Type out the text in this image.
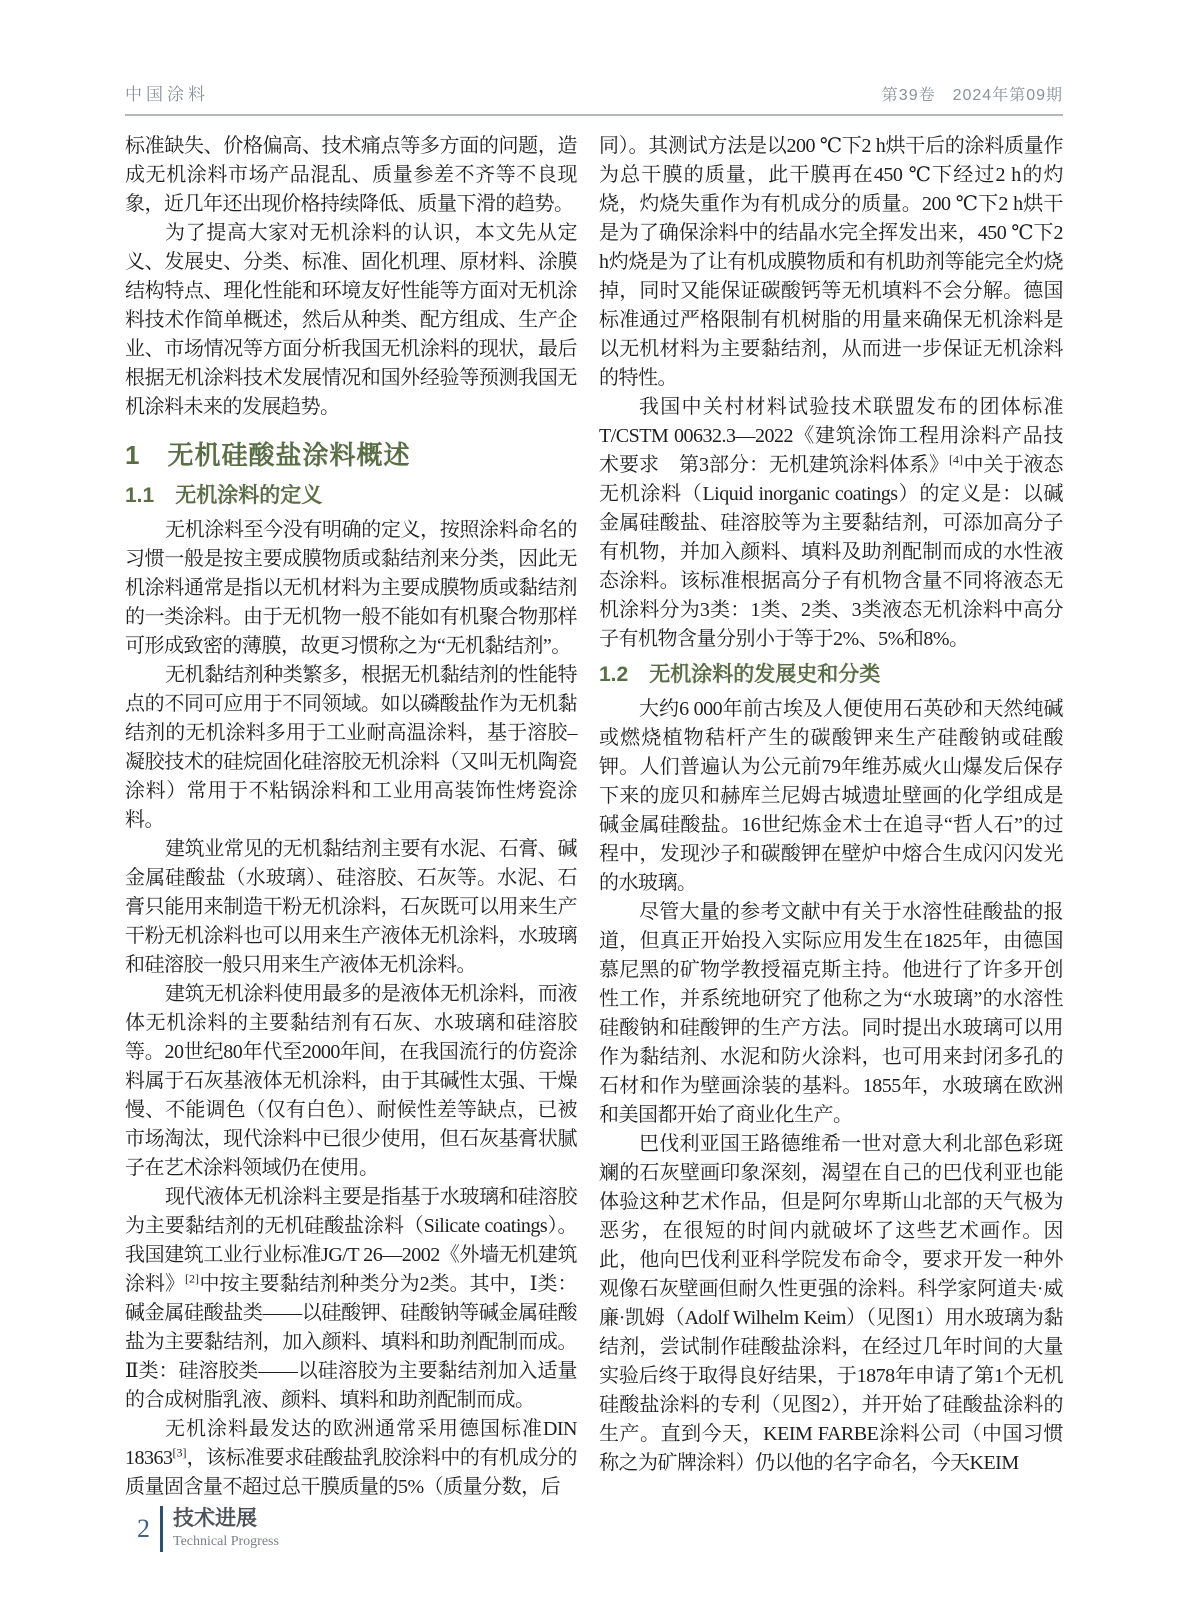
中国涂料	第39卷　2024年第09期

标准缺失、价格偏高、技术痛点等多方面的问题，造成无机涂料市场产品混乱、质量参差不齐等不良现象，近几年还出现价格持续降低、质量下滑的趋势。

为了提高大家对无机涂料的认识，本文先从定义、发展史、分类、标准、固化机理、原材料、涂膜结构特点、理化性能和环境友好性能等方面对无机涂料技术作简单概述，然后从种类、配方组成、生产企业、市场情况等方面分析我国无机涂料的现状，最后根据无机涂料技术发展情况和国外经验等预测我国无机涂料未来的发展趋势。

1　无机硅酸盐涂料概述
1.1　无机涂料的定义

无机涂料至今没有明确的定义，按照涂料命名的习惯一般是按主要成膜物质或黏结剂来分类，因此无机涂料通常是指以无机材料为主要成膜物质或黏结剂的一类涂料。由于无机物一般不能如有机聚合物那样可形成致密的薄膜，故更习惯称之为“无机黏结剂”。

无机黏结剂种类繁多，根据无机黏结剂的性能特点的不同可应用于不同领域。如以磷酸盐作为无机黏结剂的无机涂料多用于工业耐高温涂料，基于溶胶–凝胶技术的硅烷固化硅溶胶无机涂料（又叫无机陶瓷涂料）常用于不粘锅涂料和工业用高装饰性烤瓷涂料。

建筑业常见的无机黏结剂主要有水泥、石膏、碱金属硅酸盐（水玻璃）、硅溶胶、石灰等。水泥、石膏只能用来制造干粉无机涂料，石灰既可以用来生产干粉无机涂料也可以用来生产液体无机涂料，水玻璃和硅溶胶一般只用来生产液体无机涂料。

建筑无机涂料使用最多的是液体无机涂料，而液体无机涂料的主要黏结剂有石灰、水玻璃和硅溶胶等。20世纪80年代至2000年间，在我国流行的仿瓷涂料属于石灰基液体无机涂料，由于其碱性太强、干燥慢、不能调色（仅有白色）、耐候性差等缺点，已被市场淘汰，现代涂料中已很少使用，但石灰基膏状腻子在艺术涂料领域仍在使用。

现代液体无机涂料主要是指基于水玻璃和硅溶胶为主要黏结剂的无机硅酸盐涂料（Silicate coatings）。我国建筑工业行业标准JG/T 26—2002《外墙无机建筑涂料》[2]中按主要黏结剂种类分为2类。其中，Ⅰ类：碱金属硅酸盐类——以硅酸钾、硅酸钠等碱金属硅酸盐为主要黏结剂，加入颜料、填料和助剂配制而成。Ⅱ类：硅溶胶类——以硅溶胶为主要黏结剂加入适量的合成树脂乳液、颜料、填料和助剂配制而成。

无机涂料最发达的欧洲通常采用德国标准DIN 18363[3]，该标准要求硅酸盐乳胶涂料中的有机成分的质量固含量不超过总干膜质量的5%（质量分数，后

同）。其测试方法是以200 ℃下2 h烘干后的涂料质量作为总干膜的质量，此干膜再在450 ℃下经过2 h的灼烧，灼烧失重作为有机成分的质量。200 ℃下2 h烘干是为了确保涂料中的结晶水完全挥发出来，450 ℃下2 h灼烧是为了让有机成膜物质和有机助剂等能完全灼烧掉，同时又能保证碳酸钙等无机填料不会分解。德国标准通过严格限制有机树脂的用量来确保无机涂料是以无机材料为主要黏结剂，从而进一步保证无机涂料的特性。

我国中关村材料试验技术联盟发布的团体标准T/CSTM 00632.3—2022《建筑涂饰工程用涂料产品技术要求　第3部分：无机建筑涂料体系》[4]中关于液态无机涂料（Liquid inorganic coatings）的定义是：以碱金属硅酸盐、硅溶胶等为主要黏结剂，可添加高分子有机物，并加入颜料、填料及助剂配制而成的水性液态涂料。该标准根据高分子有机物含量不同将液态无机涂料分为3类：1类、2类、3类液态无机涂料中高分子有机物含量分别小于等于2%、5%和8%。

1.2　无机涂料的发展史和分类

大约6 000年前古埃及人便使用石英砂和天然纯碱或燃烧植物秸杆产生的碳酸钾来生产硅酸钠或硅酸钾。人们普遍认为公元前79年维苏威火山爆发后保存下来的庞贝和赫库兰尼姆古城遗址壁画的化学组成是碱金属硅酸盐。16世纪炼金术士在追寻“哲人石”的过程中，发现沙子和碳酸钾在壁炉中熔合生成闪闪发光的水玻璃。

尽管大量的参考文献中有关于水溶性硅酸盐的报道，但真正开始投入实际应用发生在1825年，由德国慕尼黑的矿物学教授福克斯主持。他进行了许多开创性工作，并系统地研究了他称之为“水玻璃”的水溶性硅酸钠和硅酸钾的生产方法。同时提出水玻璃可以用作为黏结剂、水泥和防火涂料，也可用来封闭多孔的石材和作为壁画涂装的基料。1855年，水玻璃在欧洲和美国都开始了商业化生产。

巴伐利亚国王路德维希一世对意大利北部色彩斑斓的石灰壁画印象深刻，渴望在自己的巴伐利亚也能体验这种艺术作品，但是阿尔卑斯山北部的天气极为恶劣，在很短的时间内就破坏了这些艺术画作。因此，他向巴伐利亚科学院发布命令，要求开发一种外观像石灰壁画但耐久性更强的涂料。科学家阿道夫·威廉·凯姆（Adolf Wilhelm Keim）（见图1）用水玻璃为黏结剂，尝试制作硅酸盐涂料，在经过几年时间的大量实验后终于取得良好结果，于1878年申请了第1个无机硅酸盐涂料的专利（见图2），并开始了硅酸盐涂料的生产。直到今天，KEIM FARBE涂料公司（中国习惯称之为矿牌涂料）仍以他的名字命名，今天KEIM

2 技术进展
Technical Progress
